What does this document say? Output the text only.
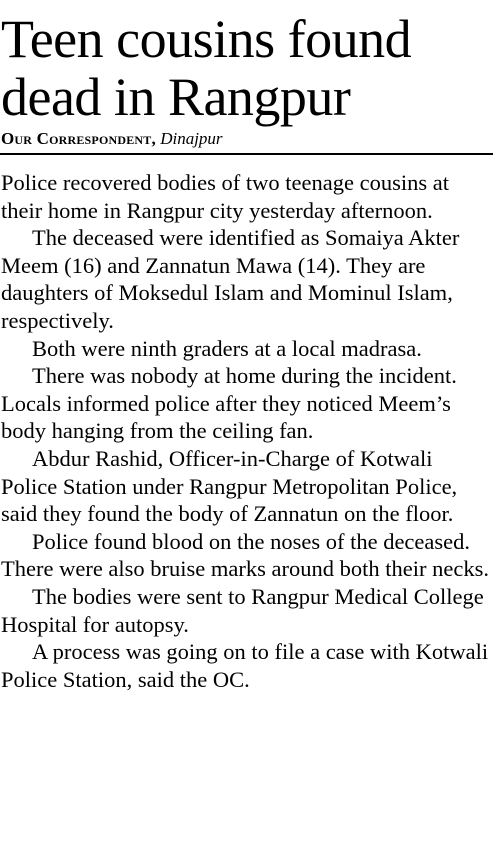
Teen cousins found dead in Rangpur
Our Correspondent, Dinajpur

Police recovered bodies of two teenage cousins at their home in Rangpur city yesterday afternoon.

The deceased were identified as Somaiya Akter Meem (16) and Zannatun Mawa (14). They are daughters of Moksedul Islam and Mominul Islam, respectively.

Both were ninth graders at a local madrasa.

There was nobody at home during the incident. Locals informed police after they noticed Meem’s body hanging from the ceiling fan.

Abdur Rashid, Officer-in-Charge of Kotwali Police Station under Rangpur Metropolitan Police, said they found the body of Zannatun on the floor.

Police found blood on the noses of the deceased. There were also bruise marks around both their necks.

The bodies were sent to Rangpur Medical College Hospital for autopsy.

A process was going on to file a case with Kotwali Police Station, said the OC.
